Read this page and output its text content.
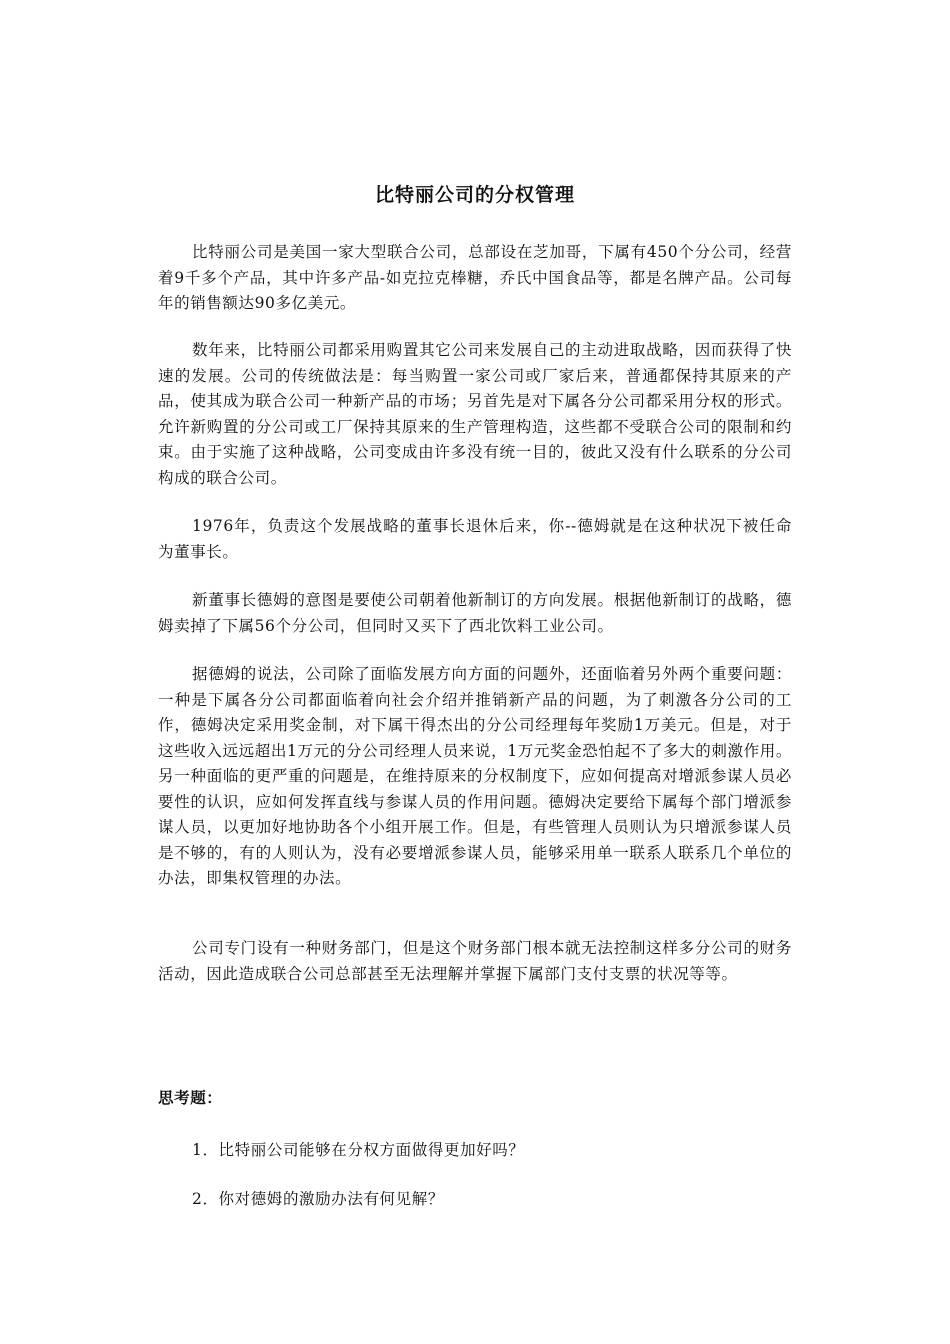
比特丽公司的分权管理

比特丽公司是美国一家大型联合公司，总部设在芝加哥，下属有450个分公司，经营着9千多个产品，其中许多产品-如克拉克棒糖，乔氏中国食品等，都是名牌产品。公司每年的销售额达90多亿美元。

数年来，比特丽公司都采用购置其它公司来发展自己的主动进取战略，因而获得了快速的发展。公司的传统做法是：每当购置一家公司或厂家后来，普通都保持其原来的产品，使其成为联合公司一种新产品的市场；另首先是对下属各分公司都采用分权的形式。允许新购置的分公司或工厂保持其原来的生产管理构造，这些都不受联合公司的限制和约束。由于实施了这种战略，公司变成由许多没有统一目的，彼此又没有什么联系的分公司构成的联合公司。

1976年，负责这个发展战略的董事长退休后来，你--德姆就是在这种状况下被任命为董事长。

新董事长德姆的意图是要使公司朝着他新制订的方向发展。根据他新制订的战略，德姆卖掉了下属56个分公司，但同时又买下了西北饮料工业公司。

据德姆的说法，公司除了面临发展方向方面的问题外，还面临着另外两个重要问题：一种是下属各分公司都面临着向社会介绍并推销新产品的问题，为了刺激各分公司的工作，德姆决定采用奖金制，对下属干得杰出的分公司经理每年奖励1万美元。但是，对于这些收入远远超出1万元的分公司经理人员来说，1万元奖金恐怕起不了多大的刺激作用。另一种面临的更严重的问题是，在维持原来的分权制度下，应如何提高对增派参谋人员必要性的认识，应如何发挥直线与参谋人员的作用问题。德姆决定要给下属每个部门增派参谋人员，以更加好地协助各个小组开展工作。但是，有些管理人员则认为只增派参谋人员是不够的，有的人则认为，没有必要增派参谋人员，能够采用单一联系人联系几个单位的办法，即集权管理的办法。

公司专门设有一种财务部门，但是这个财务部门根本就无法控制这样多分公司的财务活动，因此造成联合公司总部甚至无法理解并掌握下属部门支付支票的状况等等。

思考题：

1．比特丽公司能够在分权方面做得更加好吗？

2．你对德姆的激励办法有何见解？
